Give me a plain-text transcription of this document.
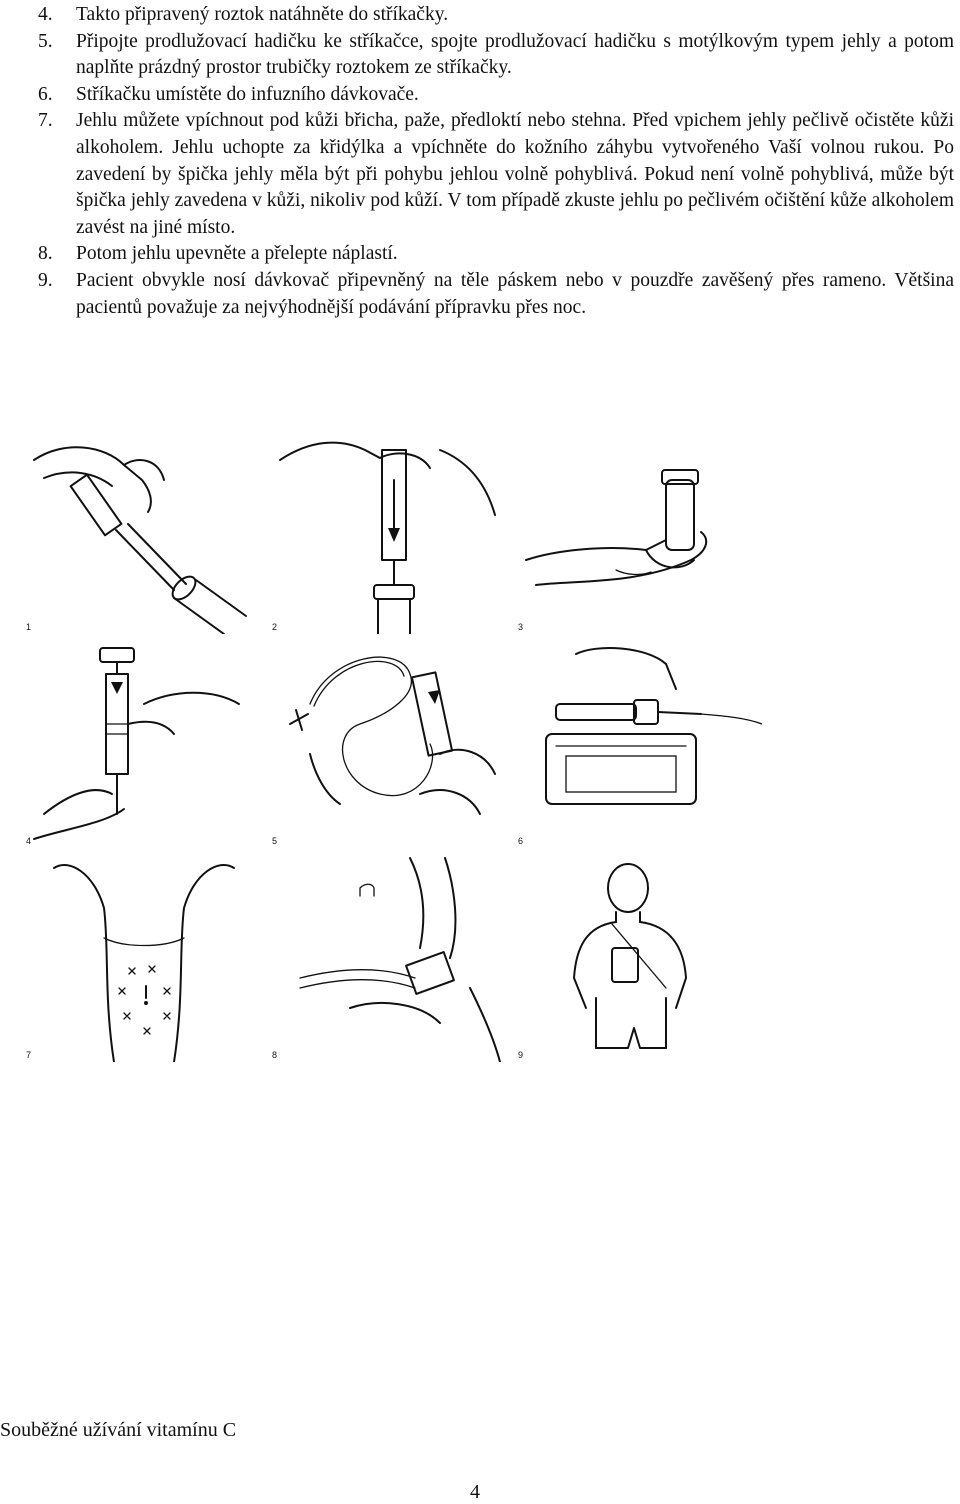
4. Takto připravený roztok natáhněte do stříkačky.
5. Připojte prodlužovací hadičku ke stříkačce, spojte prodlužovací hadičku s motýlkovým typem jehly a potom naplňte prázdný prostor trubičky roztokem ze stříkačky.
6. Stříkačku umístěte do infuzního dávkovače.
7. Jehlu můžete vpíchnout pod kůži břicha, paže, předloktí nebo stehna. Před vpichem jehly pečlivě očistěte kůži alkoholem. Jehlu uchopte za křidýlka a vpíchněte do kožního záhybu vytvořeného Vaší volnou rukou. Po zavedení by špička jehly měla být při pohybu jehlou volně pohyblivá. Pokud není volně pohyblivá, může být špička jehly zavedena v kůži, nikoliv pod kůží. V tom případě zkuste jehlu po pečlivém očištění kůže alkoholem zavést na jiné místo.
8. Potom jehlu upevněte a přelepte náplastí.
9. Pacient obvykle nosí dávkovač připevněný na těle páskem nebo v pouzdře zavěšený přes rameno. Většina pacientů považuje za nejvýhodnější podávání přípravku přes noc.
1	2	3
4	5	6
7	8	9
Souběžné užívání vitamínu C
4
